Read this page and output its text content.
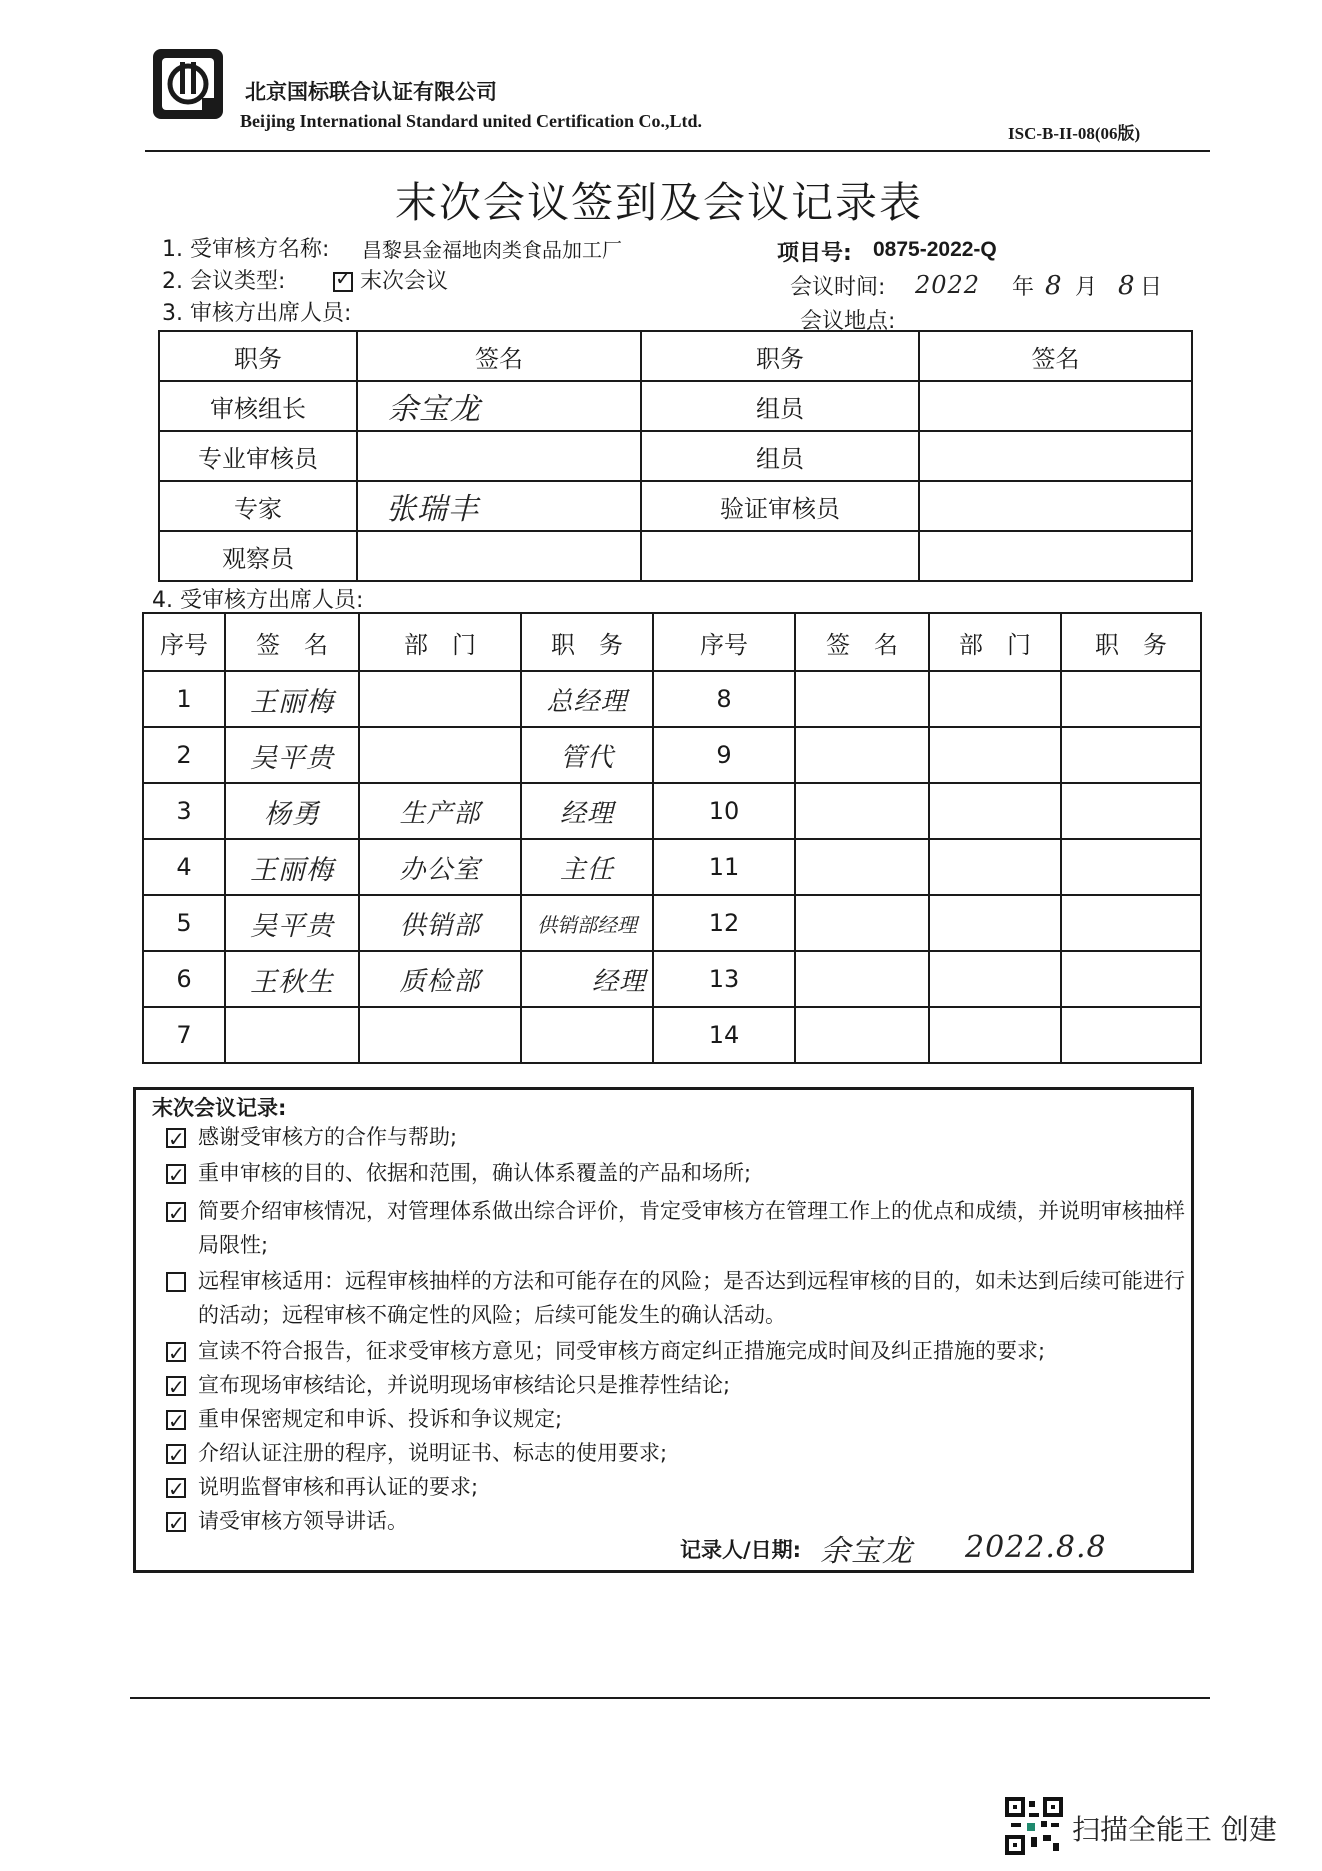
北京国标联合认证有限公司
Beijing International Standard united Certification Co.,Ltd.
ISC-B-II-08(06版)
末次会议签到及会议记录表
1. 受审核方名称: 昌黎县金福地肉类食品加工厂	项目号: 0875-2022-Q
2. 会议类型: ✓	末次会议	会议时间: 2022 年 8 月 8 日
3. 审核方出席人员:	会议地点:
职务	签名	职务	签名
审核组长	余宝龙	组员	
专业审核员		组员	
专家	张瑞丰	验证审核员	
观察员			
4. 受审核方出席人员:
序号	签　名	部　门	职　务	序号	签　名	部　门	职　务
1	王丽梅		总经理	8			
2	吴平贵		管代	9			
3	杨勇	生产部	经理	10			
4	王丽梅	办公室	主任	11			
5	吴平贵	供销部	供销部经理	12			
6	王秋生	质检部	经理	13			
7				14			
末次会议记录:
✓
感谢受审核方的合作与帮助;
✓
重申审核的目的、依据和范围，确认体系覆盖的产品和场所;
✓
简要介绍审核情况，对管理体系做出综合评价，肯定受审核方在管理工作上的优点和成绩，并说明审核抽样局限性;
远程审核适用：远程审核抽样的方法和可能存在的风险；是否达到远程审核的目的，如未达到后续可能进行的活动；远程审核不确定性的风险；后续可能发生的确认活动。
✓
宣读不符合报告，征求受审核方意见；同受审核方商定纠正措施完成时间及纠正措施的要求;
✓
宣布现场审核结论，并说明现场审核结论只是推荐性结论;
✓
重申保密规定和申诉、投诉和争议规定;
✓
介绍认证注册的程序，说明证书、标志的使用要求;
✓
说明监督审核和再认证的要求;
✓
请受审核方领导讲话。
记录人/日期: 余宝龙 2022.8.8
扫描全能王 创建
